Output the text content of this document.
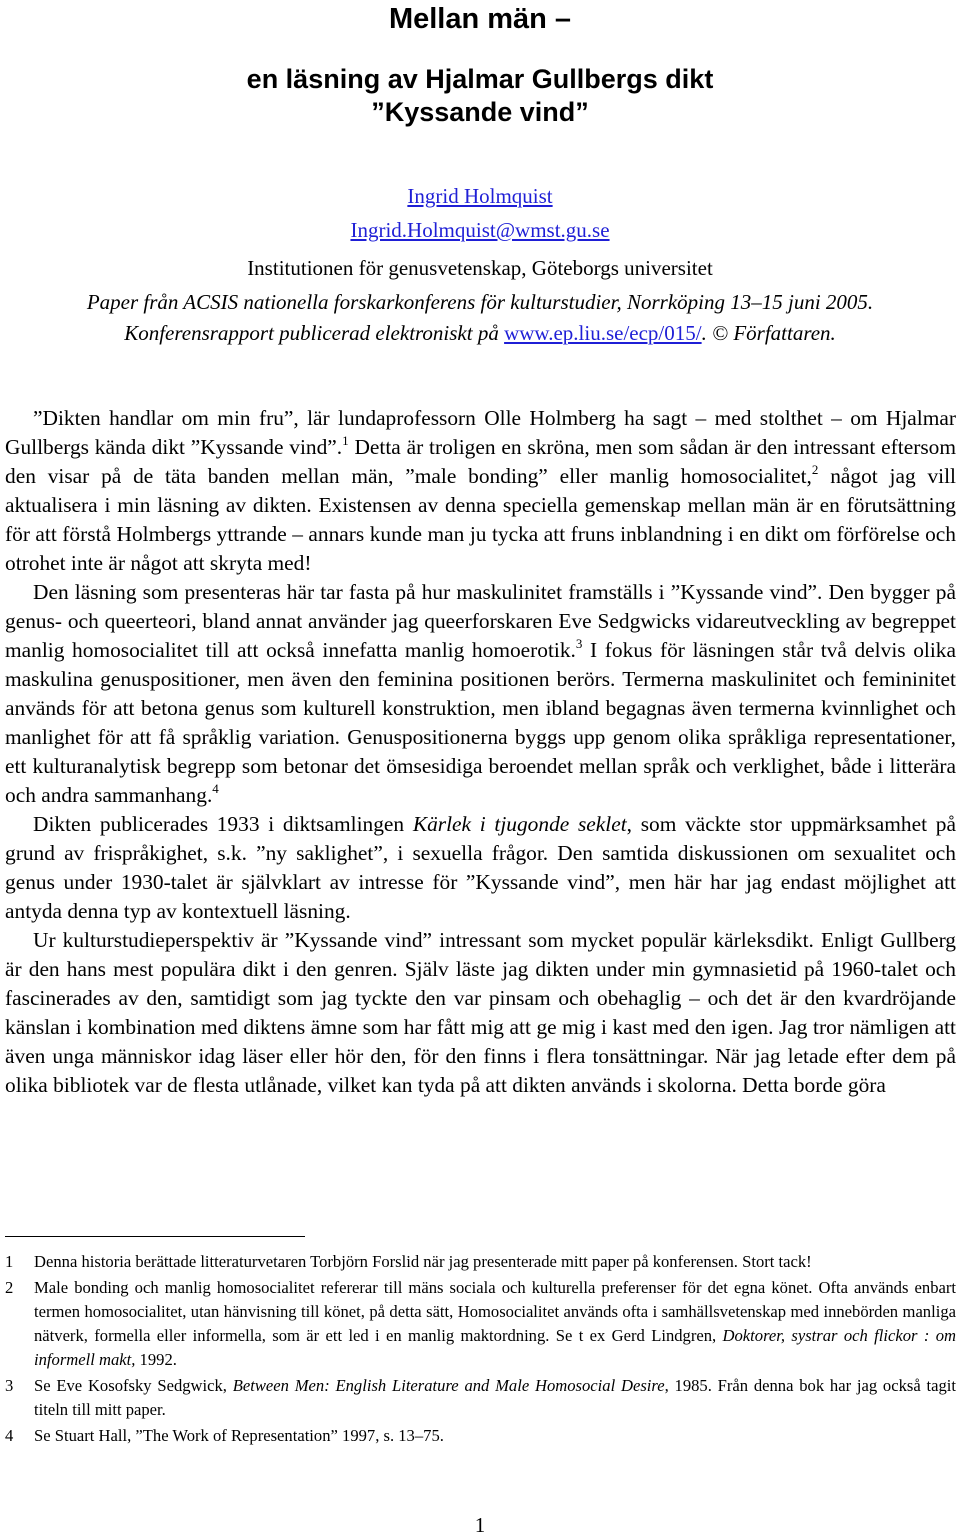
Mellan män –
en läsning av Hjalmar Gullbergs dikt
”Kyssande vind”
Ingrid Holmquist
Ingrid.Holmquist@wmst.gu.se
Institutionen för genusvetenskap, Göteborgs universitet
Paper från ACSIS nationella forskarkonferens för kulturstudier, Norrköping 13–15 juni 2005.
Konferensrapport publicerad elektroniskt på www.ep.liu.se/ecp/015/. © Författaren.

”Dikten handlar om min fru”, lär lundaprofessorn Olle Holmberg ha sagt – med stolthet – om Hjalmar Gullbergs kända dikt ”Kyssande vind”.$^1$ Detta är troligen en skröna, men som sådan är den intressant eftersom den visar på de täta banden mellan män, ”male bonding” eller manlig homosocialitet,$^2$ något jag vill aktualisera i min läsning av dikten. Existensen av denna speciella gemenskap mellan män är en förutsättning för att förstå Holmbergs yttrande – annars kunde man ju tycka att fruns inblandning i en dikt om förförelse och otrohet inte är något att skryta med!

Den läsning som presenteras här tar fasta på hur maskulinitet framställs i ”Kyssande vind”. Den bygger på genus- och queerteori, bland annat använder jag queerforskaren Eve Sedgwicks vidareutveckling av begreppet manlig homosocialitet till att också innefatta manlig homoerotik.$^3$ I fokus för läsningen står två delvis olika maskulina genuspositioner, men även den feminina positionen berörs. Termerna maskulinitet och femininitet används för att betona genus som kulturell konstruktion, men ibland begagnas även termerna kvinnlighet och manlighet för att få språklig variation. Genuspositionerna byggs upp genom olika språkliga representationer, ett kulturanalytisk begrepp som betonar det ömsesidiga beroendet mellan språk och verklighet, både i litterära och andra sammanhang.$^4$

Dikten publicerades 1933 i diktsamlingen Kärlek i tjugonde seklet, som väckte stor uppmärksamhet på grund av frispråkighet, s.k. ”ny saklighet”, i sexuella frågor. Den samtida diskussionen om sexualitet och genus under 1930-talet är självklart av intresse för ”Kyssande vind”, men här har jag endast möjlighet att antyda denna typ av kontextuell läsning.

Ur kulturstudieperspektiv är ”Kyssande vind” intressant som mycket populär kärleksdikt. Enligt Gullberg är den hans mest populära dikt i den genren. Själv läste jag dikten under min gymnasietid på 1960-talet och fascinerades av den, samtidigt som jag tyckte den var pinsam och obehaglig – och det är den kvardröjande känslan i kombination med diktens ämne som har fått mig att ge mig i kast med den igen. Jag tror nämligen att även unga människor idag läser eller hör den, för den finns i flera tonsättningar. När jag letade efter dem på olika bibliotek var de flesta utlånade, vilket kan tyda på att dikten används i skolorna. Detta borde göra

1 Denna historia berättade litteraturvetaren Torbjörn Forslid när jag presenterade mitt paper på konferensen. Stort tack!
2 Male bonding och manlig homosocialitet refererar till mäns sociala och kulturella preferenser för det egna könet. Ofta används enbart termen homosocialitet, utan hänvisning till könet, på detta sätt, Homosocialitet används ofta i samhällsvetenskap med innebörden manliga nätverk, formella eller informella, som är ett led i en manlig maktordning. Se t ex Gerd Lindgren, Doktorer, systrar och flickor : om informell makt, 1992.
3 Se Eve Kosofsky Sedgwick, Between Men: English Literature and Male Homosocial Desire, 1985. Från denna bok har jag också tagit titeln till mitt paper.
4 Se Stuart Hall, ”The Work of Representation” 1997, s. 13–75.
1
